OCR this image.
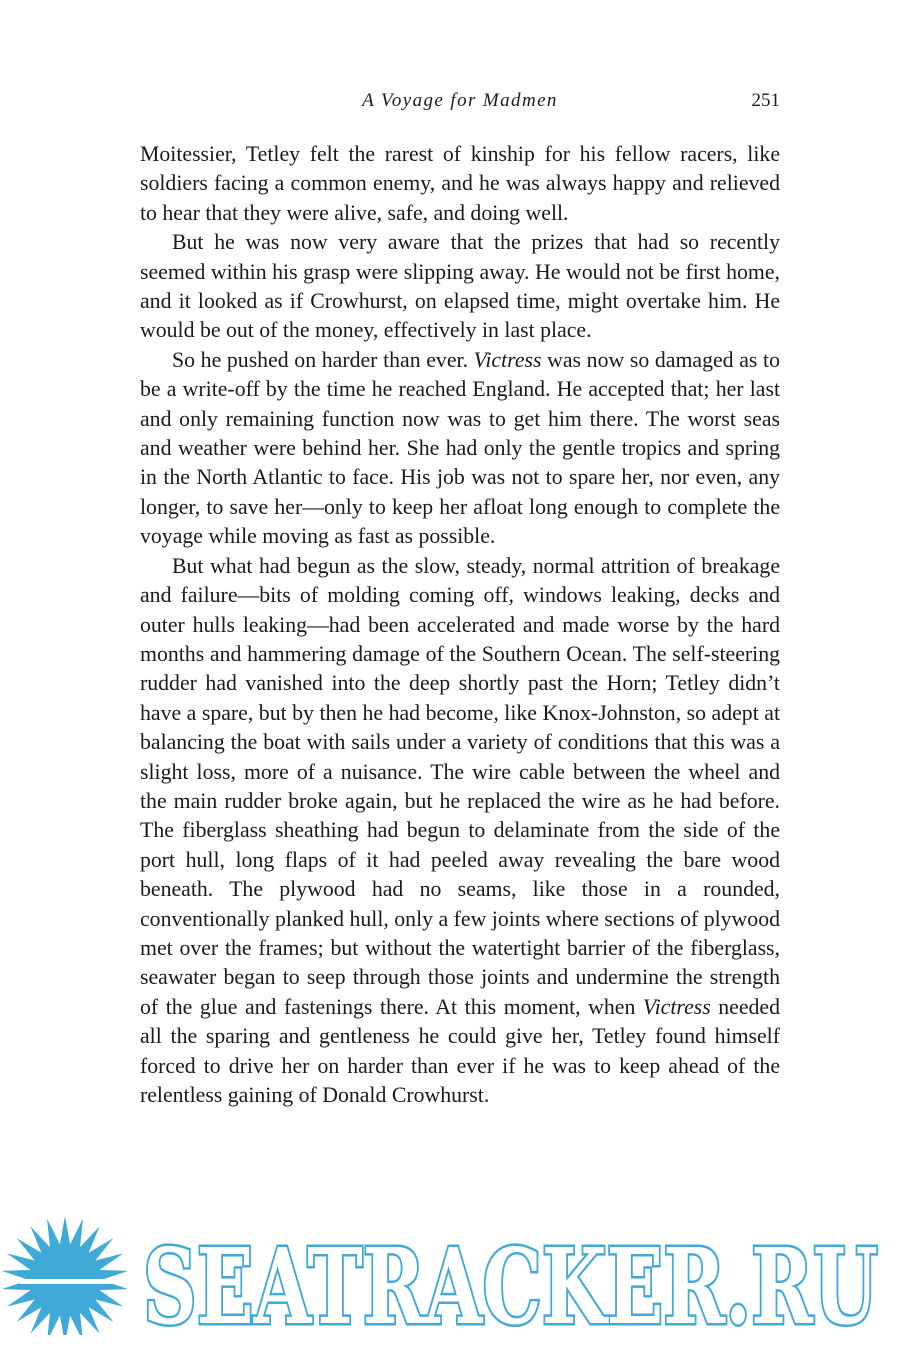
A Voyage for Madmen	251

Moitessier, Tetley felt the rarest of kinship for his fellow racers, like soldiers facing a common enemy, and he was always happy and relieved to hear that they were alive, safe, and doing well.

But he was now very aware that the prizes that had so recently seemed within his grasp were slipping away. He would not be first home, and it looked as if Crowhurst, on elapsed time, might overtake him. He would be out of the money, effectively in last place.

So he pushed on harder than ever. Victress was now so damaged as to be a write-off by the time he reached England. He accepted that; her last and only remaining function now was to get him there. The worst seas and weather were behind her. She had only the gentle tropics and spring in the North Atlantic to face. His job was not to spare her, nor even, any longer, to save her—only to keep her afloat long enough to complete the voyage while moving as fast as possible.

But what had begun as the slow, steady, normal attrition of breakage and failure—bits of molding coming off, windows leaking, decks and outer hulls leaking—had been accelerated and made worse by the hard months and hammering damage of the Southern Ocean. The self-steering rudder had vanished into the deep shortly past the Horn; Tetley didn’t have a spare, but by then he had become, like Knox-Johnston, so adept at balancing the boat with sails under a variety of conditions that this was a slight loss, more of a nuisance. The wire cable between the wheel and the main rudder broke again, but he replaced the wire as he had before. The fiberglass sheathing had begun to delaminate from the side of the port hull, long flaps of it had peeled away revealing the bare wood beneath. The plywood had no seams, like those in a rounded, conventionally planked hull, only a few joints where sections of plywood met over the frames; but without the watertight barrier of the fiberglass, seawater began to seep through those joints and undermine the strength of the glue and fastenings there. At this moment, when Victress needed all the sparing and gentleness he could give her, Tetley found himself forced to drive her on harder than ever if he was to keep ahead of the relentless gaining of Donald Crowhurst.

SEATRACKER.RU
